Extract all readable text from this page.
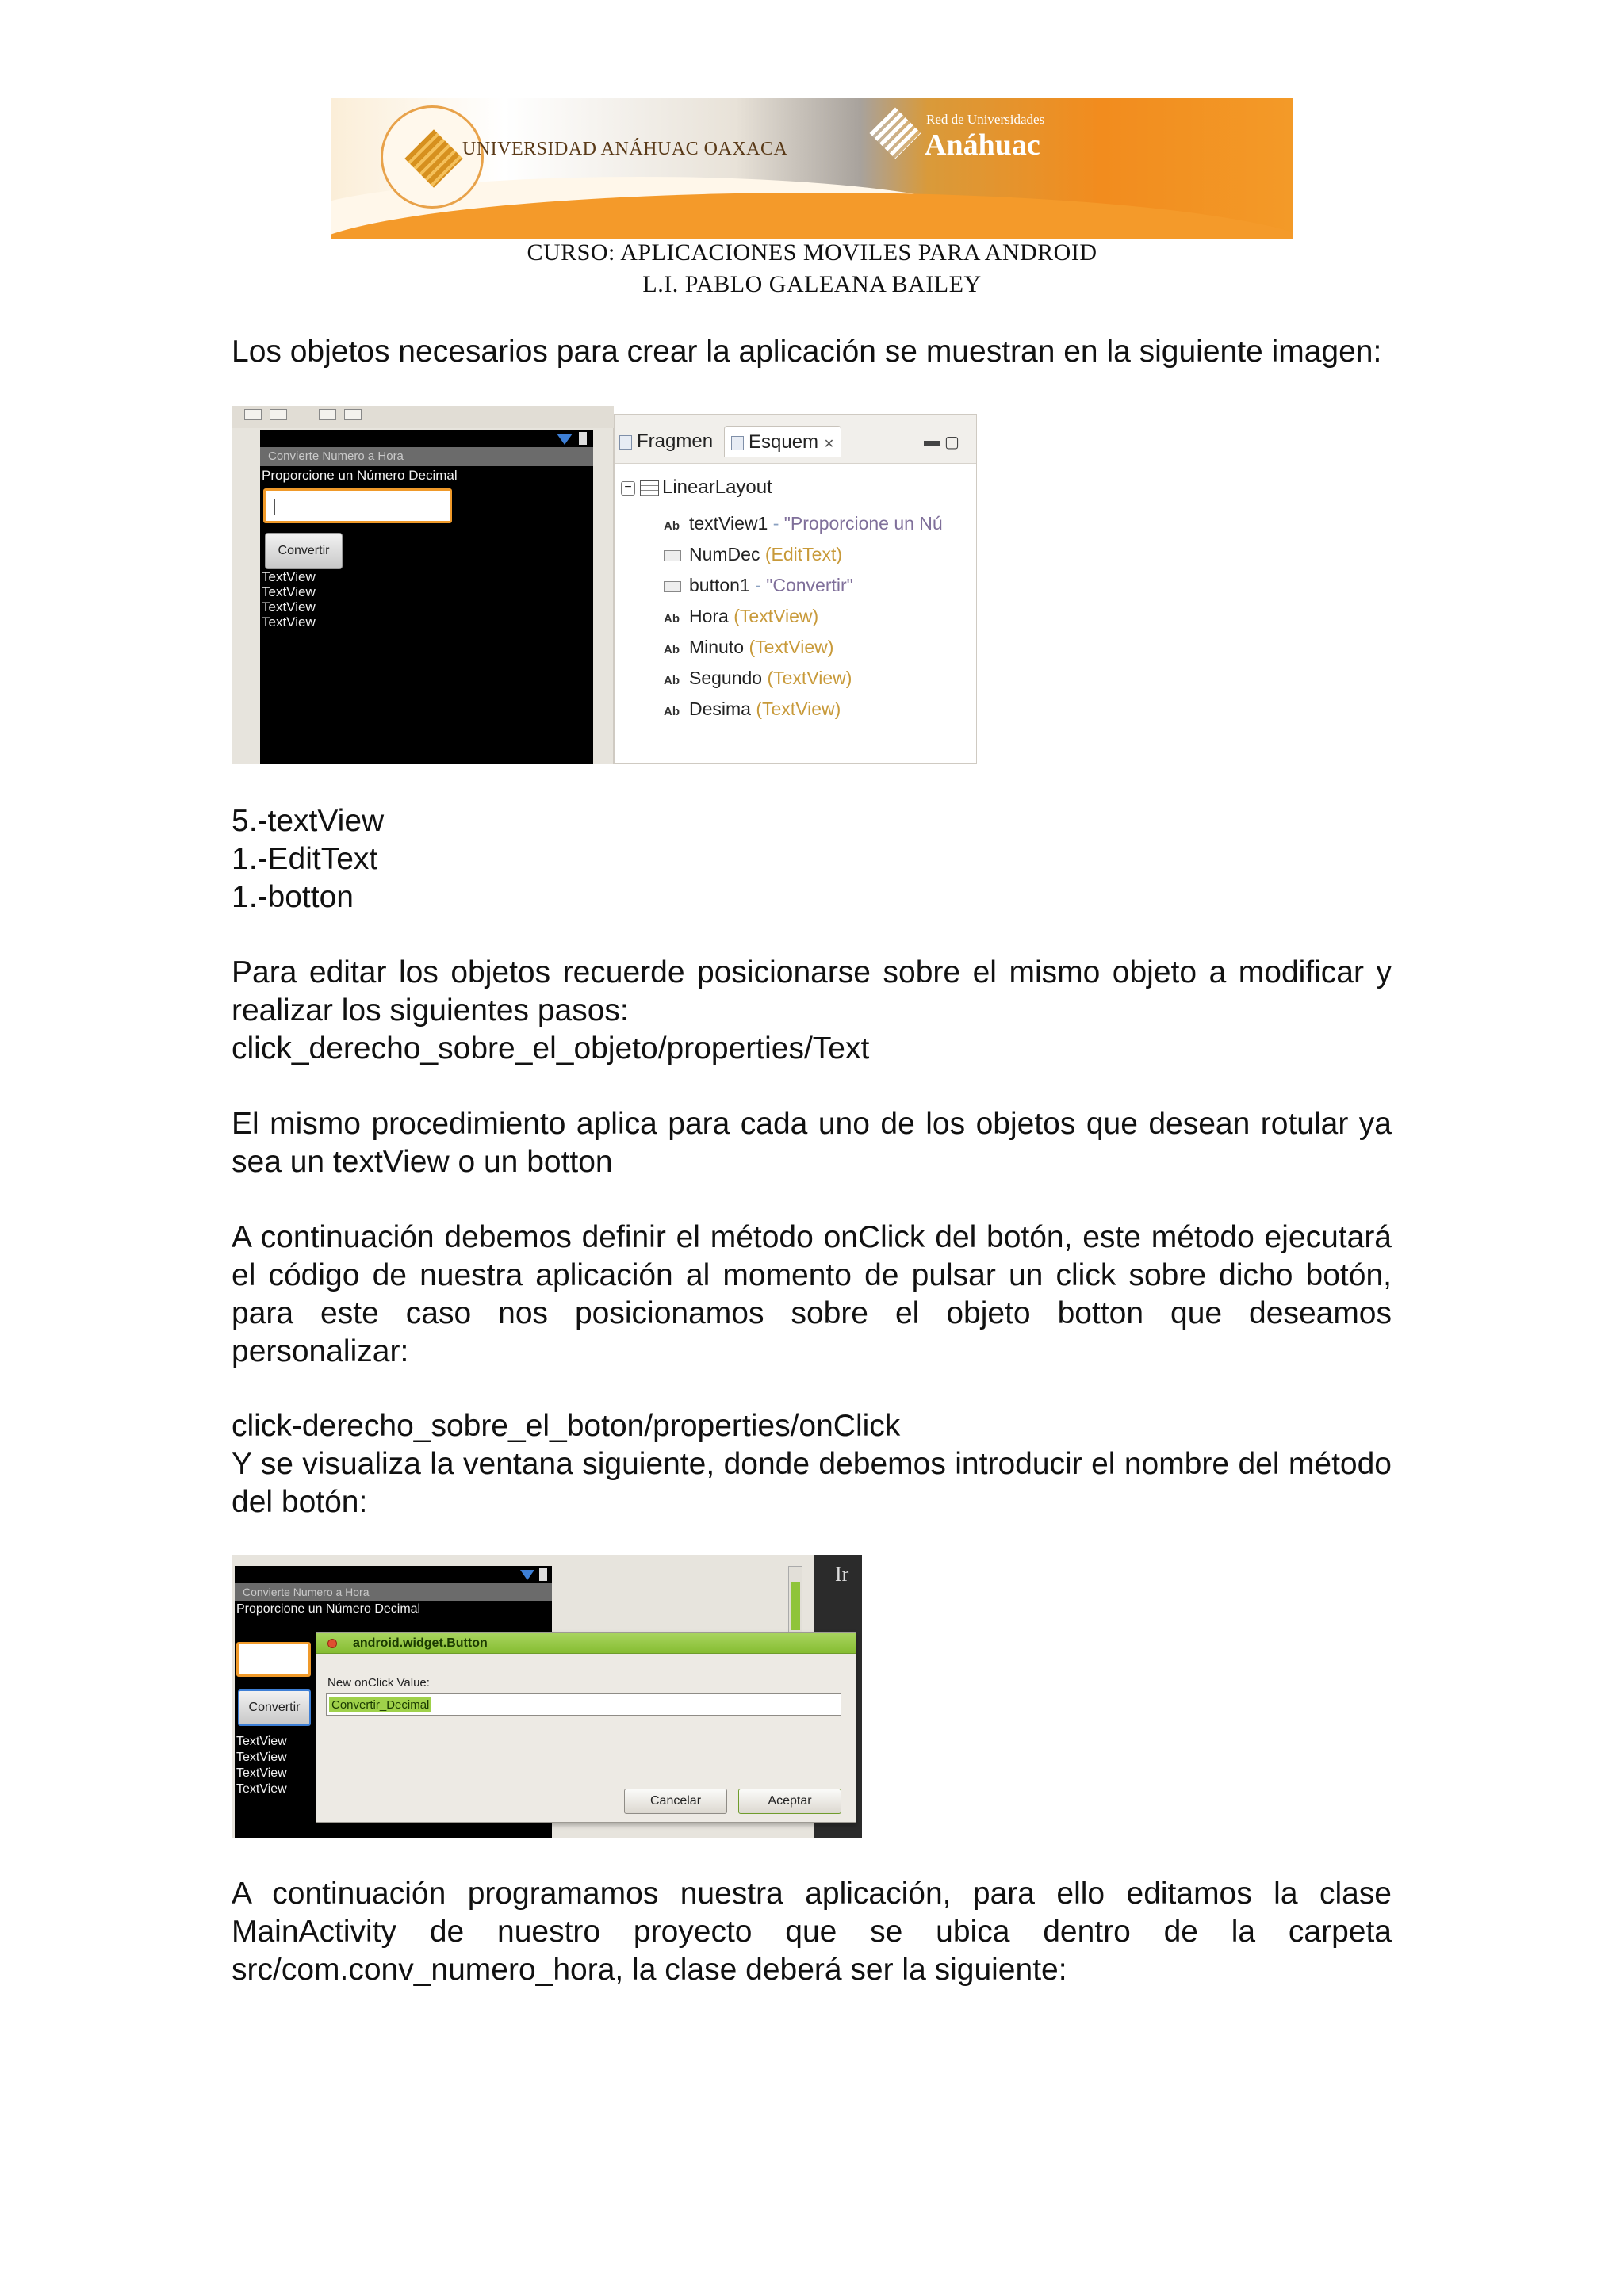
UNIVERSIDAD ANÁHUAC OAXACA
Red de Universidades
Anáhuac
CURSO: APLICACIONES MOVILES PARA ANDROID
L.I. PABLO GALEANA BAILEY
Los objetos necesarios para crear la aplicación se muestran en la siguiente imagen:
Convierte Numero a Hora
Proporcione un Número Decimal
Convertir
TextView
TextView
TextView
TextView
Fragmen	Esquem ✕	▬ ▢
− LinearLayout
Ab textView1 - "Proporcione un Nú
NumDec (EditText)
button1 - "Convertir"
Ab Hora (TextView)
Ab Minuto (TextView)
Ab Segundo (TextView)
Ab Desima (TextView)
5.-textView
1.-EditText
1.-botton
Para editar los objetos recuerde posicionarse sobre el mismo objeto a modificar y realizar los siguientes pasos:
click_derecho_sobre_el_objeto/properties/Text
El mismo procedimiento aplica para cada uno de los objetos que desean rotular ya sea un textView o un botton
A continuación debemos definir el método onClick del botón, este método ejecutará el código de nuestra aplicación al momento de pulsar un click sobre dicho botón, para este caso nos posicionamos sobre el objeto botton que deseamos personalizar:
click-derecho_sobre_el_boton/properties/onClick
Y se visualiza la ventana siguiente, donde debemos introducir el nombre del método del botón:
Convierte Numero a Hora
Proporcione un Número Decimal
Convertir
TextView
TextView
TextView
TextView
Ir
android.widget.Button
New onClick Value:
Convertir_Decimal
Cancelar	Aceptar
A continuación programamos nuestra aplicación, para ello editamos la clase MainActivity de nuestro proyecto que se ubica dentro de la carpeta src/com.conv_numero_hora, la clase deberá ser la siguiente:
